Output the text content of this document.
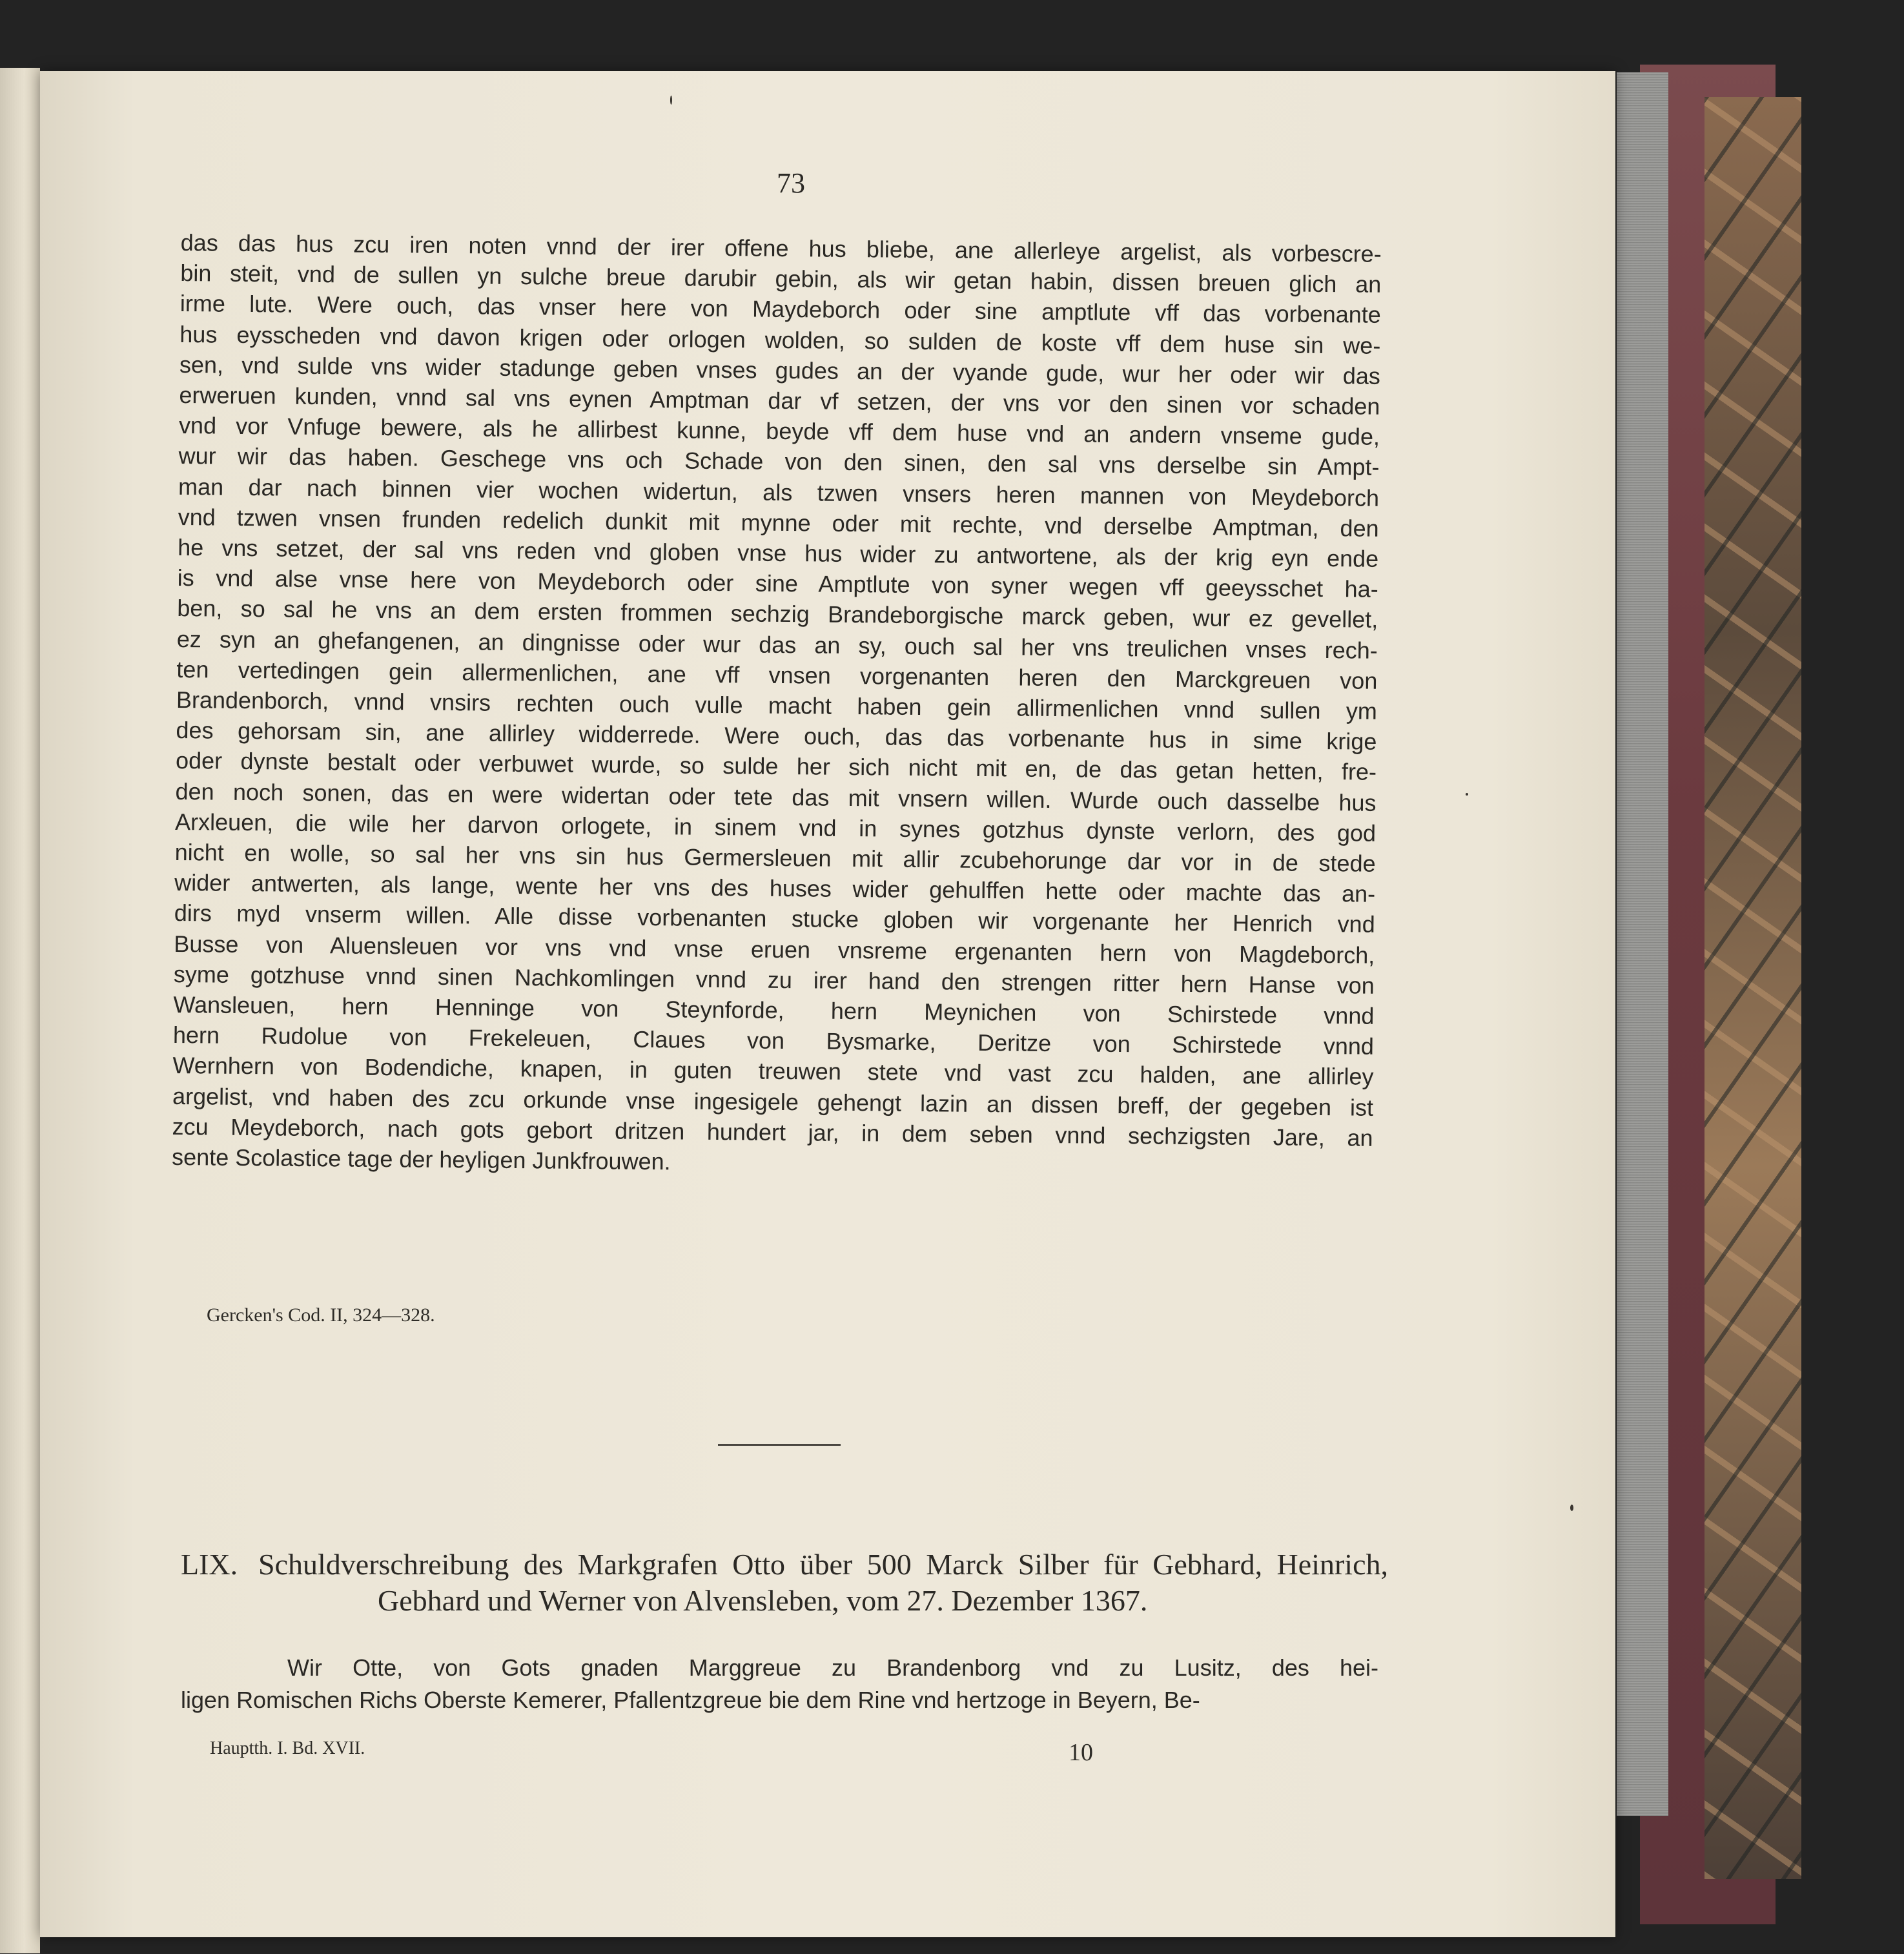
73
das das hus zcu iren noten vnnd der irer offene hus bliebe, ane allerleye argelist, als vorbescre-
bin steit, vnd de sullen yn sulche breue darubir gebin, als wir getan habin, dissen breuen glich an
irme lute. Were ouch, das vnser here von Maydeborch oder sine amptlute vff das vorbenante
hus eysscheden vnd davon krigen oder orlogen wolden, so sulden de koste vff dem huse sin we-
sen, vnd sulde vns wider stadunge geben vnses gudes an der vyande gude, wur her oder wir das
erweruen kunden, vnnd sal vns eynen Amptman dar vf setzen, der vns vor den sinen vor schaden
vnd vor Vnfuge bewere, als he allirbest kunne, beyde vff dem huse vnd an andern vnseme gude,
wur wir das haben. Geschege vns och Schade von den sinen, den sal vns derselbe sin Ampt-
man dar nach binnen vier wochen widertun, als tzwen vnsers heren mannen von Meydeborch
vnd tzwen vnsen frunden redelich dunkit mit mynne oder mit rechte, vnd derselbe Amptman, den
he vns setzet, der sal vns reden vnd globen vnse hus wider zu antwortene, als der krig eyn ende
is vnd alse vnse here von Meydeborch oder sine Amptlute von syner wegen vff geeysschet ha-
ben, so sal he vns an dem ersten frommen sechzig Brandeborgische marck geben, wur ez gevellet,
ez syn an ghefangenen, an dingnisse oder wur das an sy, ouch sal her vns treulichen vnses rech-
ten vertedingen gein allermenlichen, ane vff vnsen vorgenanten heren den Marckgreuen von
Brandenborch, vnnd vnsirs rechten ouch vulle macht haben gein allirmenlichen vnnd sullen ym
des gehorsam sin, ane allirley widderrede. Were ouch, das das vorbenante hus in sime krige
oder dynste bestalt oder verbuwet wurde, so sulde her sich nicht mit en, de das getan hetten, fre-
den noch sonen, das en were widertan oder tete das mit vnsern willen. Wurde ouch dasselbe hus
Arxleuen, die wile her darvon orlogete, in sinem vnd in synes gotzhus dynste verlorn, des god
nicht en wolle, so sal her vns sin hus Germersleuen mit allir zcubehorunge dar vor in de stede
wider antwerten, als lange, wente her vns des huses wider gehulffen hette oder machte das an-
dirs myd vnserm willen. Alle disse vorbenanten stucke globen wir vorgenante her Henrich vnd
Busse von Aluensleuen vor vns vnd vnse eruen vnsreme ergenanten hern von Magdeborch,
syme gotzhuse vnnd sinen Nachkomlingen vnnd zu irer hand den strengen ritter hern Hanse von
Wansleuen, hern Henninge von Steynforde, hern Meynichen von Schirstede vnnd
hern Rudolue von Frekeleuen, Claues von Bysmarke, Deritze von Schirstede vnnd
Wernhern von Bodendiche, knapen, in guten treuwen stete vnd vast zcu halden, ane allirley
argelist, vnd haben des zcu orkunde vnse ingesigele gehengt lazin an dissen breff, der gegeben ist
zcu Meydeborch, nach gots gebort dritzen hundert jar, in dem seben vnnd sechzigsten Jare, an
sente Scolastice tage der heyligen Junkfrouwen.
Gercken's Cod. II, 324—328.
LIX. Schuldverschreibung des Markgrafen Otto über 500 Marck Silber für Gebhard, Heinrich,
Gebhard und Werner von Alvensleben, vom 27. Dezember 1367.
Wir Otte, von Gots gnaden Marggreue zu Brandenborg vnd zu Lusitz, des hei-
ligen Romischen Richs Oberste Kemerer, Pfallentzgreue bie dem Rine vnd hertzoge in Beyern, Be-
Hauptth. I. Bd. XVII.	10
